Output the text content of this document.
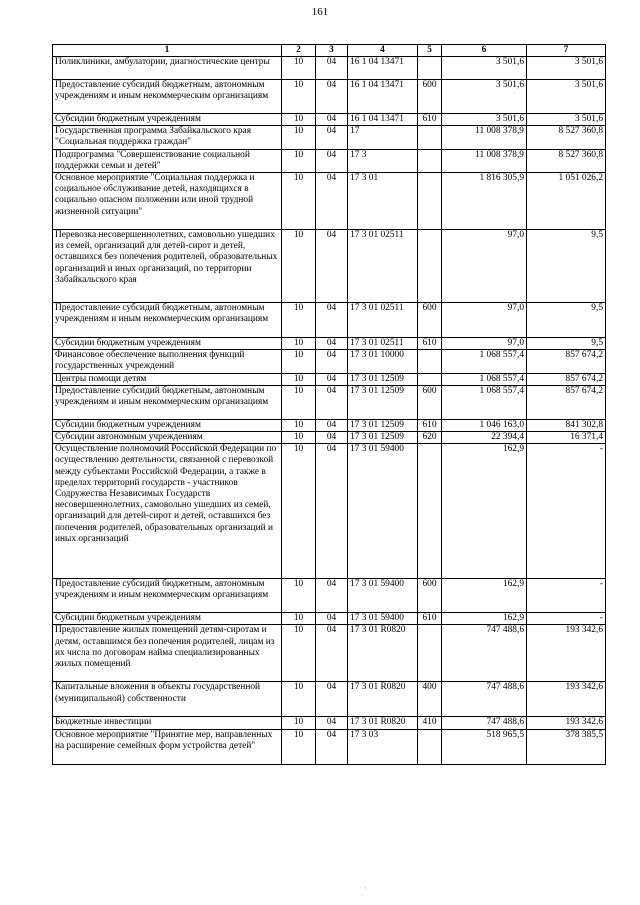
161
1	2	3	4	5	6	7
Поликлиники, амбулатории, диагностические центры	10	04	16 1 04 13471		3 501,6	3 501,6
Предоставление субсидий бюджетным, автономным учреждениям и иным некоммерческим организациям	10	04	16 1 04 13471	600	3 501,6	3 501,6
Субсидии бюджетным учреждениям	10	04	16 1 04 13471	610	3 501,6	3 501,6
Государственная программа Забайкальского края "Социальная поддержка граждан"	10	04	17		11 008 378,9	8 527 360,8
Подпрограмма "Совершенствование социальной поддержки семьи и детей"	10	04	17 3		11 008 378,9	8 527 360,8
Основное мероприятие "Социальная поддержка и социальное обслуживание детей, находящихся в социально опасном положении или иной трудной жизненной ситуации"	10	04	17 3 01		1 816 305,9	1 051 026,2
Перевозка несовершеннолетних, самовольно ушедших из семей, организаций для детей-сирот и детей, оставшихся без попечения родителей, образовательных организаций и иных организаций, по территории Забайкальского края	10	04	17 3 01 02511		97,0	9,5
Предоставление субсидий бюджетным, автономным учреждениям и иным некоммерческим организациям	10	04	17 3 01 02511	600	97,0	9,5
Субсидии бюджетным учреждениям	10	04	17 3 01 02511	610	97,0	9,5
Финансовое обеспечение выполнения функций государственных учреждений	10	04	17 3 01 10000		1 068 557,4	857 674,2
Центры помощи детям	10	04	17 3 01 12509		1 068 557,4	857 674,2
Предоставление субсидий бюджетным, автономным учреждениям и иным некоммерческим организациям	10	04	17 3 01 12509	600	1 068 557,4	857 674,2
Субсидии бюджетным учреждениям	10	04	17 3 01 12509	610	1 046 163,0	841 302,8
Субсидии автономным учреждениям	10	04	17 3 01 12509	620	22 394,4	16 371,4
Осуществление полномочий Российской Федерации по осуществлению деятельности, связанной с перевозкой между субъектами Российской Федерации, а также в пределах территорий государств - участников Содружества Независимых Государств несовершеннолетних, самовольно ушедших из семей, организаций для детей-сирот и детей, оставшихся без попечения родителей, образовательных организаций и иных организаций	10	04	17 3 01 59400		162,9	-
Предоставление субсидий бюджетным, автономным учреждениям и иным некоммерческим организациям	10	04	17 3 01 59400	600	162,9	-
Субсидии бюджетным учреждениям	10	04	17 3 01 59400	610	162,9	-
Предоставление жилых помещений детям-сиротам и детям, оставшимся без попечения родителей, лицам из их числа по договорам найма специализированных жилых помещений	10	04	17 3 01 R0820		747 488,6	193 342,6
Капитальные вложения в объекты государственной (муниципальной) собственности	10	04	17 3 01 R0820	400	747 488,6	193 342,6
Бюджетные инвестиции	10	04	17 3 01 R0820	410	747 488,6	193 342,6
Основное мероприятие "Принятие мер, направленных на расширение семейных форм устройства детей"	10	04	17 3 03		518 965,5	378 385,5
·
